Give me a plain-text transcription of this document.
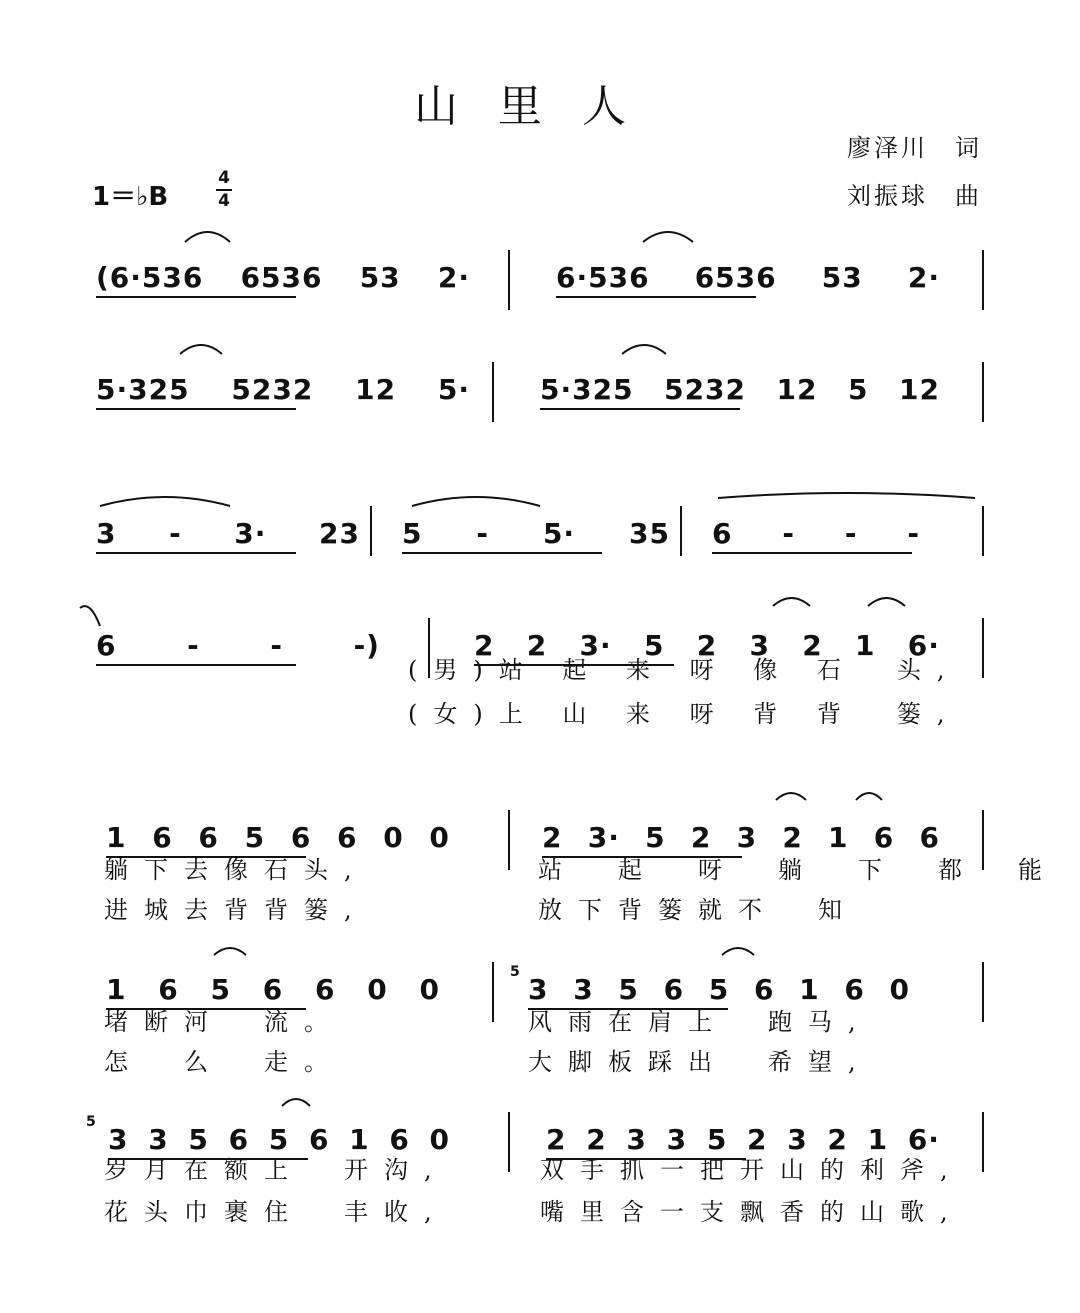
山里人
廖泽川　词
刘振球　曲
1＝♭B
4
4
(6·536 6536 53 2·	6·536 6536 53 2·
5·325 5232 12 5·	5·325 5232 12 5 12
3 - 3· 23 5 - 5· 35 6 - - -
6	-	-	-)	2 2 3· 5 2 3 2 1 6·
(男)站 起 来 呀 像 石　头,
(女)上 山 来 呀 背 背　篓,
1 6 6 5 6 6 0 0	2 3· 5 2 3 2 1 6 6
躺下去像石头,	站　起　呀　躺　下　都　能
进城去背背篓,	放下背篓就不　知
1 6 5 6 6 0 0	3 3 5 6 5 6 1 6 0
5
堵断河　流。	风雨在肩上　跑马,
怎　么　走。	大脚板踩出　希望,
3 3 5 6 5 6 1 6 0	2 2 3 3 5 2 3 2 1 6·
5
岁月在额上　开沟,	双手抓一把开山的利斧,
花头巾裹住　丰收,	嘴里含一支飘香的山歌,
